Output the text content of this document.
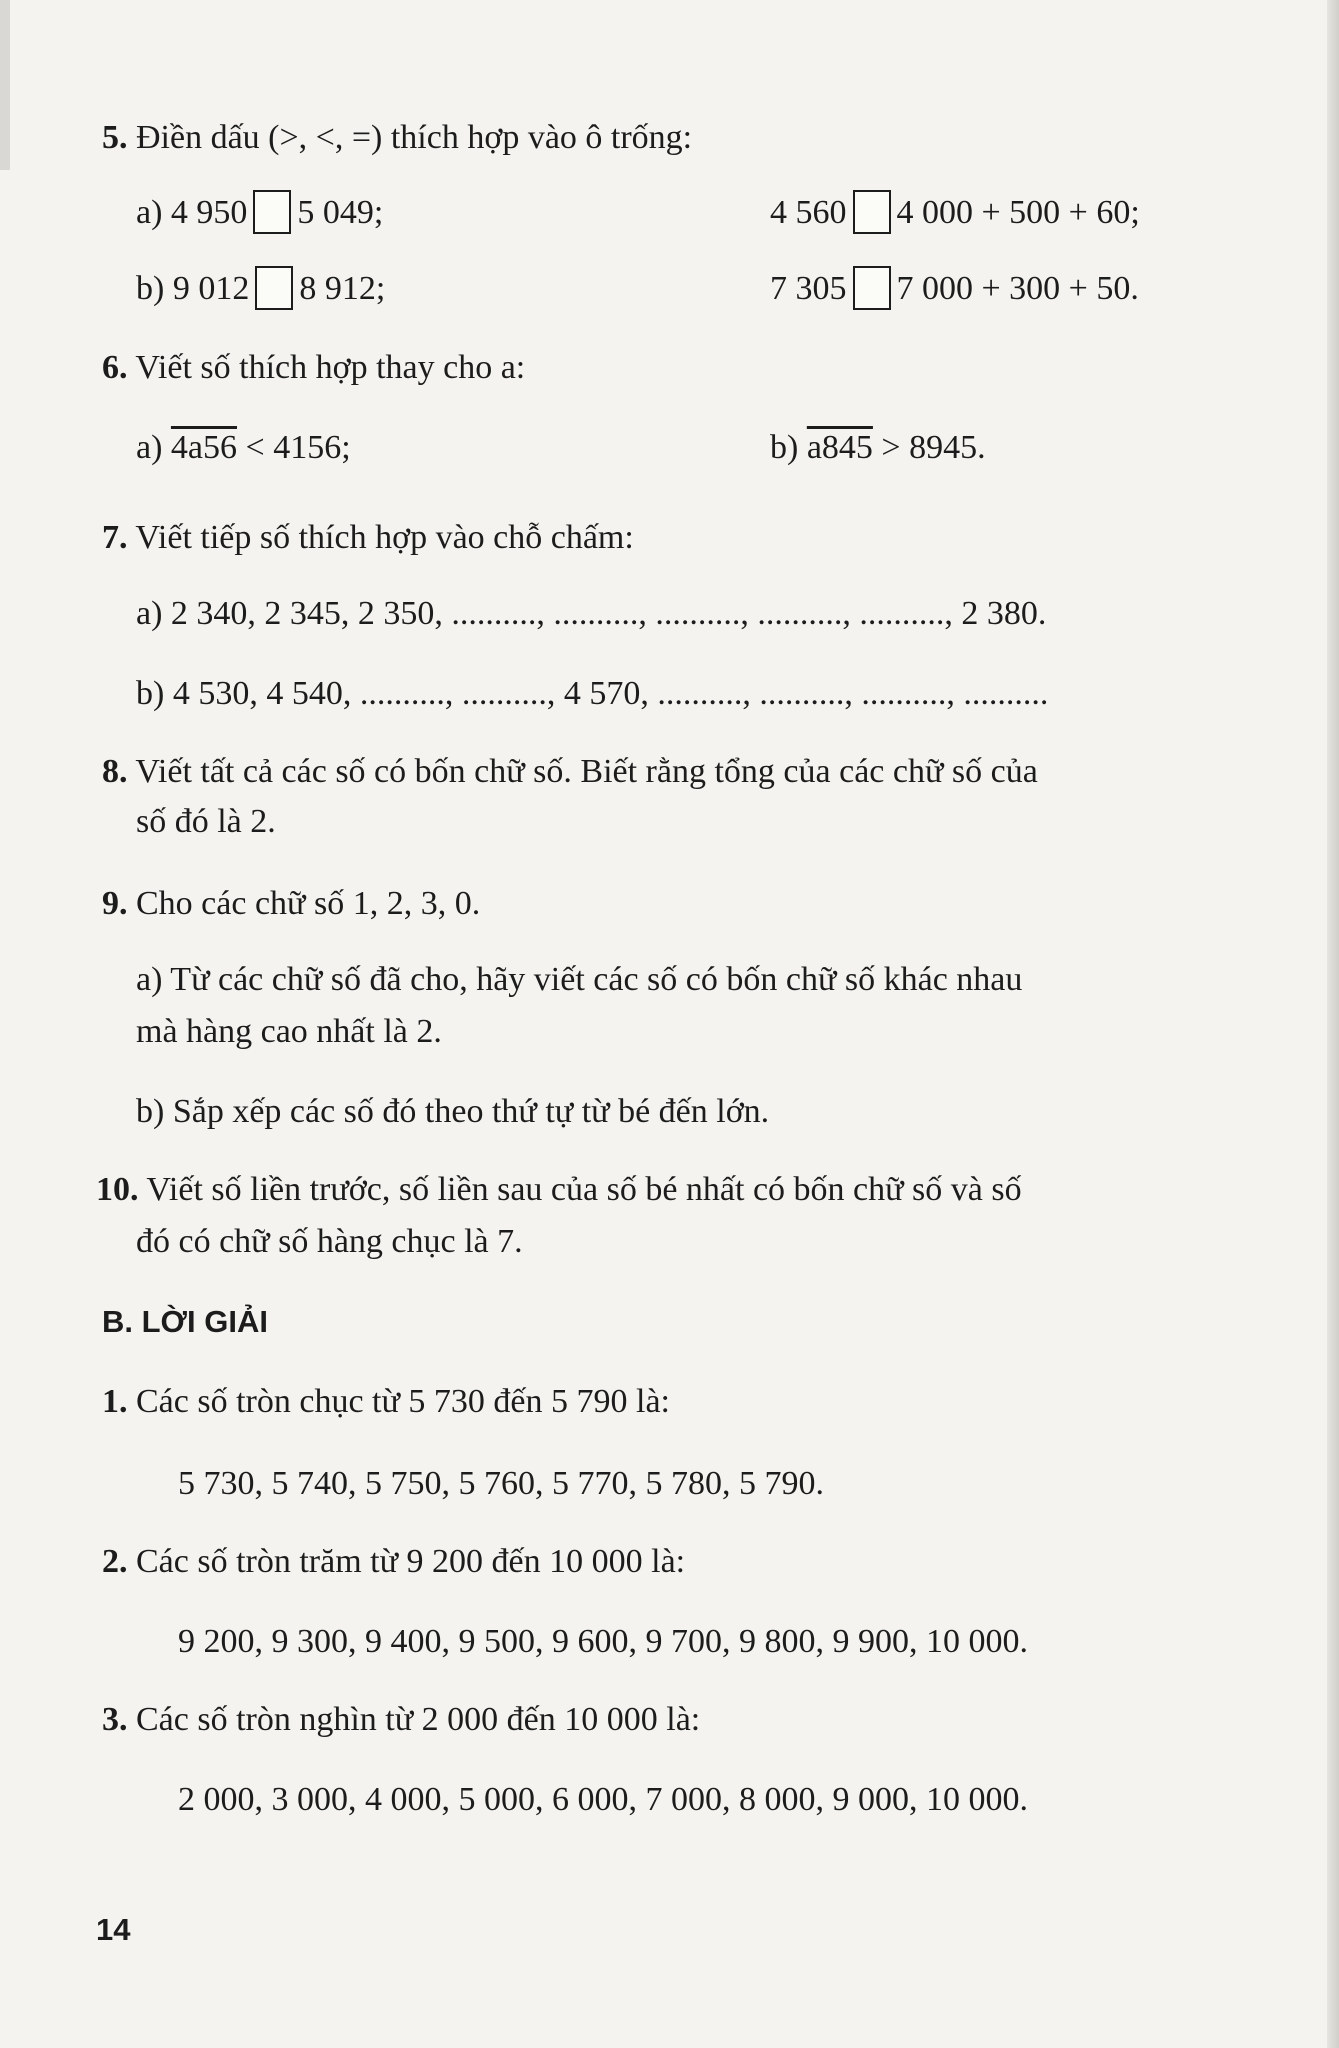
5. Điền dấu (>, <, =) thích hợp vào ô trống:
a) 4 950 5 049;	4 560 4 000 + 500 + 60;
b) 9 012 8 912;	7 305 7 000 + 300 + 50.
6. Viết số thích hợp thay cho a:
a) 4a56 < 4156;	b) a845 > 8945.
7. Viết tiếp số thích hợp vào chỗ chấm:
a) 2 340, 2 345, 2 350, .........., .........., .........., .........., .........., 2 380.
b) 4 530, 4 540, .........., .........., 4 570, .........., .........., .........., ..........
8. Viết tất cả các số có bốn chữ số. Biết rằng tổng của các chữ số của
số đó là 2.
9. Cho các chữ số 1, 2, 3, 0.
a) Từ các chữ số đã cho, hãy viết các số có bốn chữ số khác nhau
mà hàng cao nhất là 2.
b) Sắp xếp các số đó theo thứ tự từ bé đến lớn.
10. Viết số liền trước, số liền sau của số bé nhất có bốn chữ số và số
đó có chữ số hàng chục là 7.
B. LỜI GIẢI
1. Các số tròn chục từ 5 730 đến 5 790 là:
5 730, 5 740, 5 750, 5 760, 5 770, 5 780, 5 790.
2. Các số tròn trăm từ 9 200 đến 10 000 là:
9 200, 9 300, 9 400, 9 500, 9 600, 9 700, 9 800, 9 900, 10 000.
3. Các số tròn nghìn từ 2 000 đến 10 000 là:
2 000, 3 000, 4 000, 5 000, 6 000, 7 000, 8 000, 9 000, 10 000.
14
